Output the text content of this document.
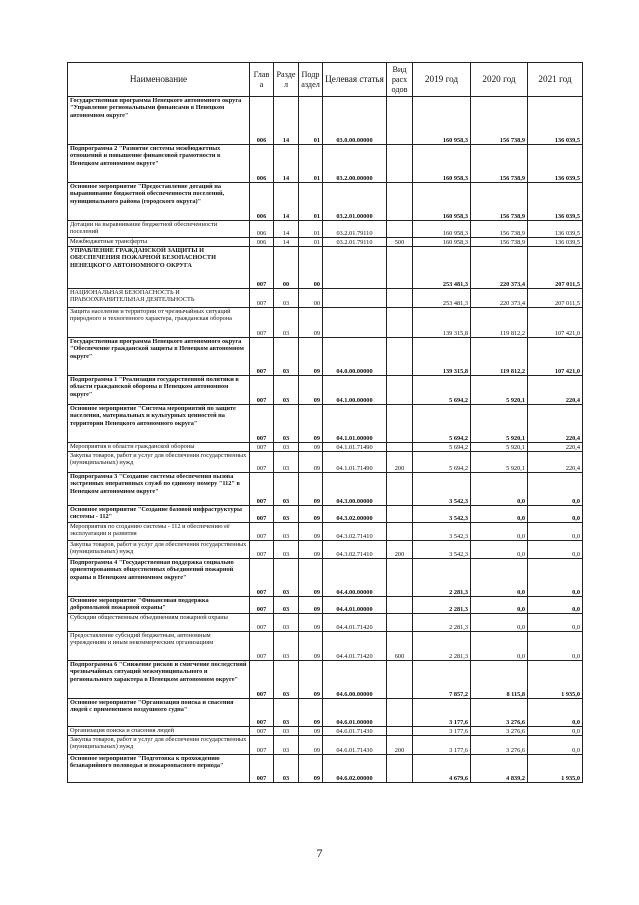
Наименование	Глав а	Разде л	Подр аздел	Целевая статья	Вид расх одов	2019 год	2020 год	2021 год
Государственная программа Ненецкого автономного округа "Управление региональными финансами в Ненецком автономном округе"	006	14	01	03.0.00.00000		160 958,3	156 738,9	136 039,5
Подпрограмма 2 "Развитие системы межбюджетных отношений и повышение финансовой грамотности в Ненецком автономном округе"	006	14	01	03.2.00.00000		160 958,3	156 738,9	136 039,5
Основное мероприятие "Предоставление дотаций на выравнивание бюджетной обеспеченности поселений, муниципального района (городского округа)"	006	14	01	03.2.01.00000		160 958,3	156 738,9	136 039,5
Дотации на выравнивание бюджетной обеспеченности поселений	006	14	01	03.2.01.79110		160 958,3	156 738,9	136 039,5
Межбюджетные трансферты	006	14	01	03.2.01.79110	500	160 958,3	156 738,9	136 039,5
УПРАВЛЕНИЕ ГРАЖДАНСКОЙ ЗАЩИТЫ И ОБЕСПЕЧЕНИЯ ПОЖАРНОЙ БЕЗОПАСНОСТИ НЕНЕЦКОГО АВТОНОМНОГО ОКРУГА	007	00	00			253 481,3	220 373,4	207 011,5
НАЦИОНАЛЬНАЯ БЕЗОПАСНОСТЬ И ПРАВООХРАНИТЕЛЬНАЯ ДЕЯТЕЛЬНОСТЬ	007	03	00			253 481,3	220 373,4	207 011,5
Защита населения и территории от чрезвычайных ситуаций природного и техногенного характера, гражданская оборона	007	03	09			139 315,8	119 812,2	107 421,0
Государственная программа Ненецкого автономного округа "Обеспечение гражданской защиты в Ненецком автономном округе"	007	03	09	04.0.00.00000		139 315,8	119 812,2	107 421,0
Подпрограмма 1 "Реализация государственной политики в области гражданской обороны в Ненецком автономном округе"	007	03	09	04.1.00.00000		5 694,2	5 920,1	220,4
Основное мероприятие "Система мероприятий по защите населения, материальных и культурных ценностей на территории Ненецкого автономного округа"	007	03	09	04.1.01.00000		5 694,2	5 920,1	220,4
Мероприятия в области гражданской обороны	007	03	09	04.1.01.71490		5 694,2	5 920,1	220,4
Закупка товаров, работ и услуг для обеспечения государственных (муниципальных) нужд	007	03	09	04.1.01.71490	200	5 694,2	5 920,1	220,4
Подпрограмма 3 "Создание системы обеспечения вызова экстренных оперативных служб по единому номеру "112" в Ненецком автономном округе"	007	03	09	04.3.00.00000		3 542,3	0,0	0,0
Основное мероприятие "Создание базовой инфраструктуры системы - 112"	007	03	09	04.3.02.00000		3 542,3	0,0	0,0
Мероприятия по созданию системы - 112 и обеспечению её эксплуатации и развития	007	03	09	04.3.02.71410		3 542,3	0,0	0,0
Закупка товаров, работ и услуг для обеспечения государственных (муниципальных) нужд	007	03	09	04.3.02.71410	200	3 542,3	0,0	0,0
Подпрограмма 4 "Государственная поддержка социально ориентированных общественных объединений пожарной охраны в Ненецком автономном округе"	007	03	09	04.4.00.00000		2 281,3	0,0	0,0
Основное мероприятие "Финансовая поддержка добровольной пожарной охраны"	007	03	09	04.4.01.00000		2 281,3	0,0	0,0
Субсидии общественным объединениям пожарной охраны	007	03	09	04.4.01.71420		2 281,3	0,0	0,0
Предоставление субсидий бюджетным, автономным учреждениям и иным некоммерческим организациям	007	03	09	04.4.01.71420	600	2 281,3	0,0	0,0
Подпрограмма 6 "Снижение рисков и смягчение последствий чрезвычайных ситуаций межмуниципального и регионального характера в Ненецком автономном округе"	007	03	09	04.6.00.00000		7 857,2	8 115,8	1 935,0
Основное мероприятие "Организация поиска и спасения людей с применением воздушного судна"	007	03	09	04.6.01.00000		3 177,6	3 276,6	0,0
Организация поиска и спасения людей	007	03	09	04.6.01.71430		3 177,6	3 276,6	0,0
Закупка товаров, работ и услуг для обеспечения государственных (муниципальных) нужд	007	03	09	04.6.01.71430	200	3 177,6	3 276,6	0,0
Основное мероприятие "Подготовка к прохождению безаварийного половодья и пожароопасного периода"	007	03	09	04.6.02.00000		4 679,6	4 839,2	1 935,0
7
